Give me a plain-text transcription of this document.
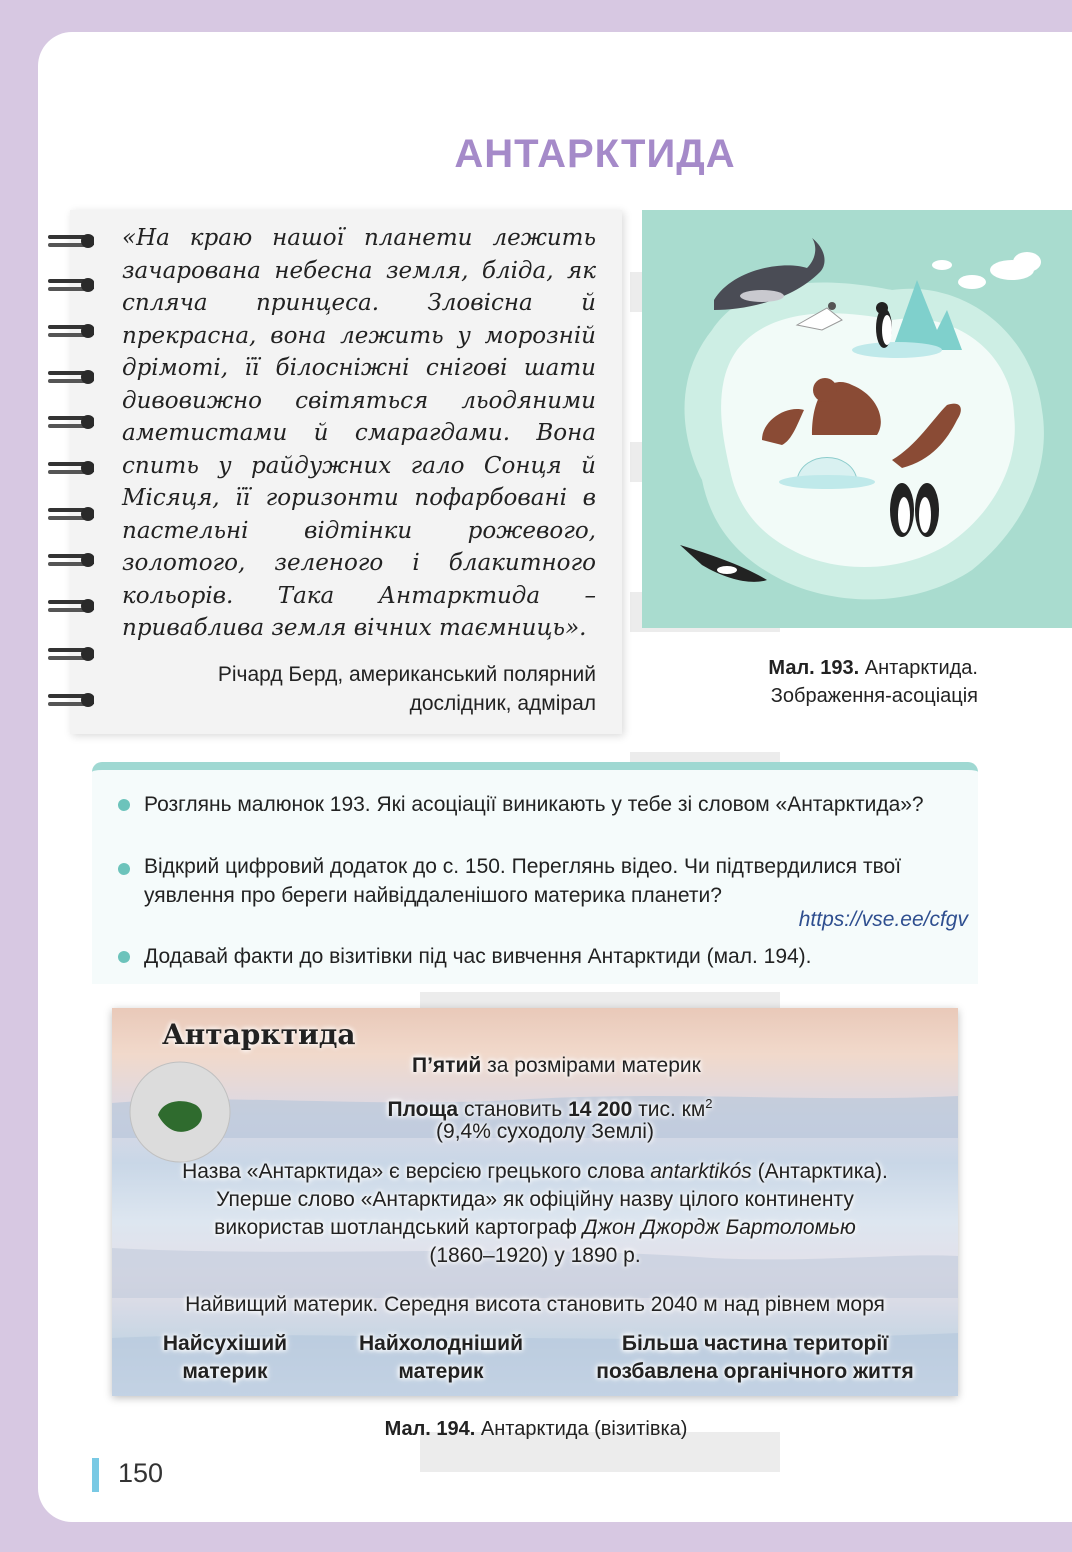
АНТАРКТИДА
«На краю нашої планети лежить зачарована небесна земля, бліда, як спляча принцеса. Зловісна й прекрасна, вона лежить у морозній дрімоті, її білосніжні снігові шати дивовижно світяться льодяними аметистами й смарагдами. Вона спить у райдужних гало Сонця й Місяця, її горизонти пофарбовані в пастельні відтінки рожевого, золотого, зеленого і блакитного кольорів. Така Антарктида – приваблива земля вічних таємниць».
Річард Берд, американський полярний дослідник, адмірал
Мал. 193. Антарктида.
Зображення-асоціація
Розглянь малюнок 193. Які асоціації виникають у тебе зі словом «Антарктида»?
Відкрий цифровий додаток до с. 150. Переглянь відео. Чи підтвердилися твої уявлення про береги найвіддаленішого материка планети?
https://vse.ee/cfgv
Додавай факти до візитівки під час вивчення Антарктиди (мал. 194).
Антарктида
П’ятий за розмірами материк
Площа становить 14 200 тис. $км^2$
(9,4% суходолу Землі)
Назва «Антарктида» є версією грецького слова antarktikós (Антарктика).
Уперше слово «Антарктида» як офіційну назву цілого континенту
використав шотландський картограф Джон Джордж Бартоломью
(1860–1920) у 1890 р.
Найвищий материк. Середня висота становить 2040 м над рівнем моря
Найсухіший
материк
Найхолодніший
материк
Більша частина території
позбавлена органічного життя
Мал. 194. Антарктида (візитівка)
150
